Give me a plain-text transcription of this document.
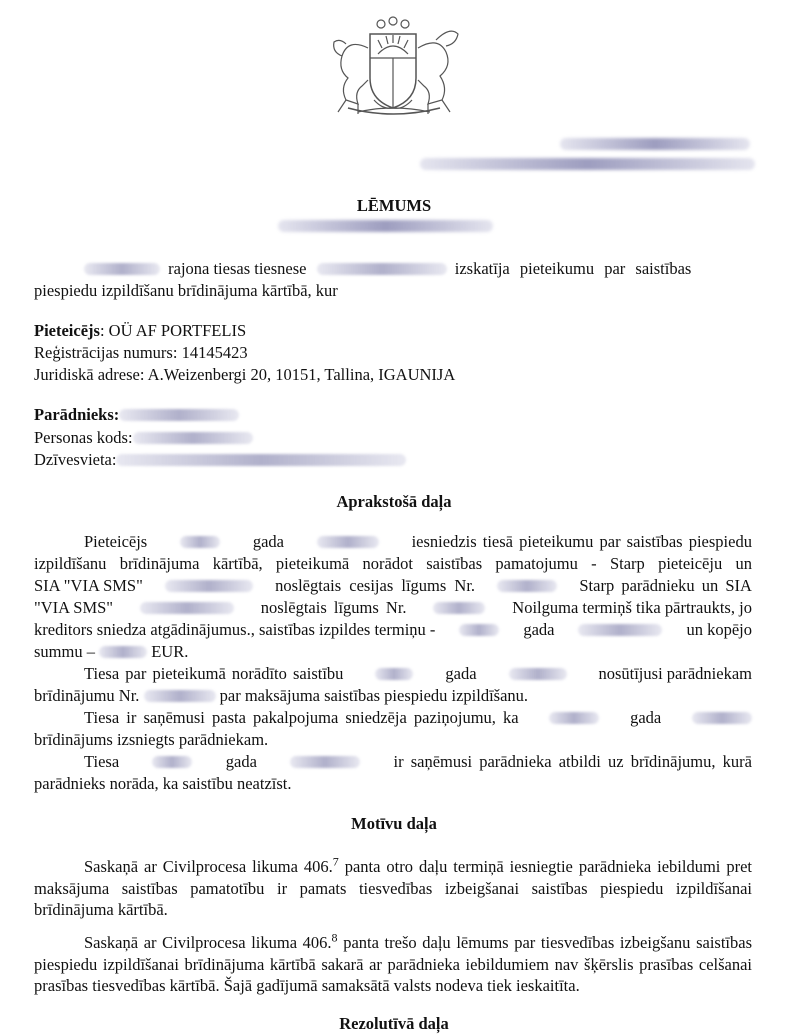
LĒMUMS
rajona tiesas tiesnese	izskatīja pieteikumu par saistības
piespiedu izpildīšanu brīdinājuma kārtībā, kur
Pieteicējs: OÜ AF PORTFELIS
Reģistrācijas numurs: 14145423
Juridiskā adrese: A.Weizenbergi 20, 10151, Tallina, IGAUNIJA
Parādnieks:
Personas kods:
Dzīvesvieta:
Aprakstošā daļa
Pieteicējs	gada	iesniedzis tiesā pieteikumu par saistības piespiedu
izpildīšanu brīdinājuma kārtībā, pieteikumā norādot saistības pamatojumu - Starp pieteicēju un
SIA "VIA SMS"	noslēgtais cesijas līgums Nr.	Starp parādnieku un SIA
"VIA SMS"	noslēgtais līgums Nr.	Noilguma termiņš tika pārtraukts, jo
kreditors sniedza atgādinājumus., saistības izpildes termiņu -	gada	un kopējo
summu –	EUR.
Tiesa par pieteikumā norādīto saistību	gada	nosūtījusi parādniekam
brīdinājumu Nr.	par maksājuma saistības piespiedu izpildīšanu.
Tiesa ir saņēmusi pasta pakalpojuma sniedzēja paziņojumu, ka	gada
brīdinājums izsniegts parādniekam.
Tiesa	gada	ir saņēmusi parādnieka atbildi uz brīdinājumu, kurā
parādnieks norāda, ka saistību neatzīst.
Motīvu daļa
Saskaņā ar Civilprocesa likuma 406.$^7$ panta otro daļu termiņā iesniegtie parādnieka iebildumi pret maksājuma saistības pamatotību ir pamats tiesvedības izbeigšanai saistības piespiedu izpildīšanai brīdinājuma kārtībā.
Saskaņā ar Civilprocesa likuma 406.$^8$ panta trešo daļu lēmums par tiesvedības izbeigšanu saistības piespiedu izpildīšanai brīdinājuma kārtībā sakarā ar parādnieka iebildumiem nav šķērslis prasības celšanai prasības tiesvedības kārtībā. Šajā gadījumā samaksātā valsts nodeva tiek ieskaitīta.
Rezolutīvā daļa
